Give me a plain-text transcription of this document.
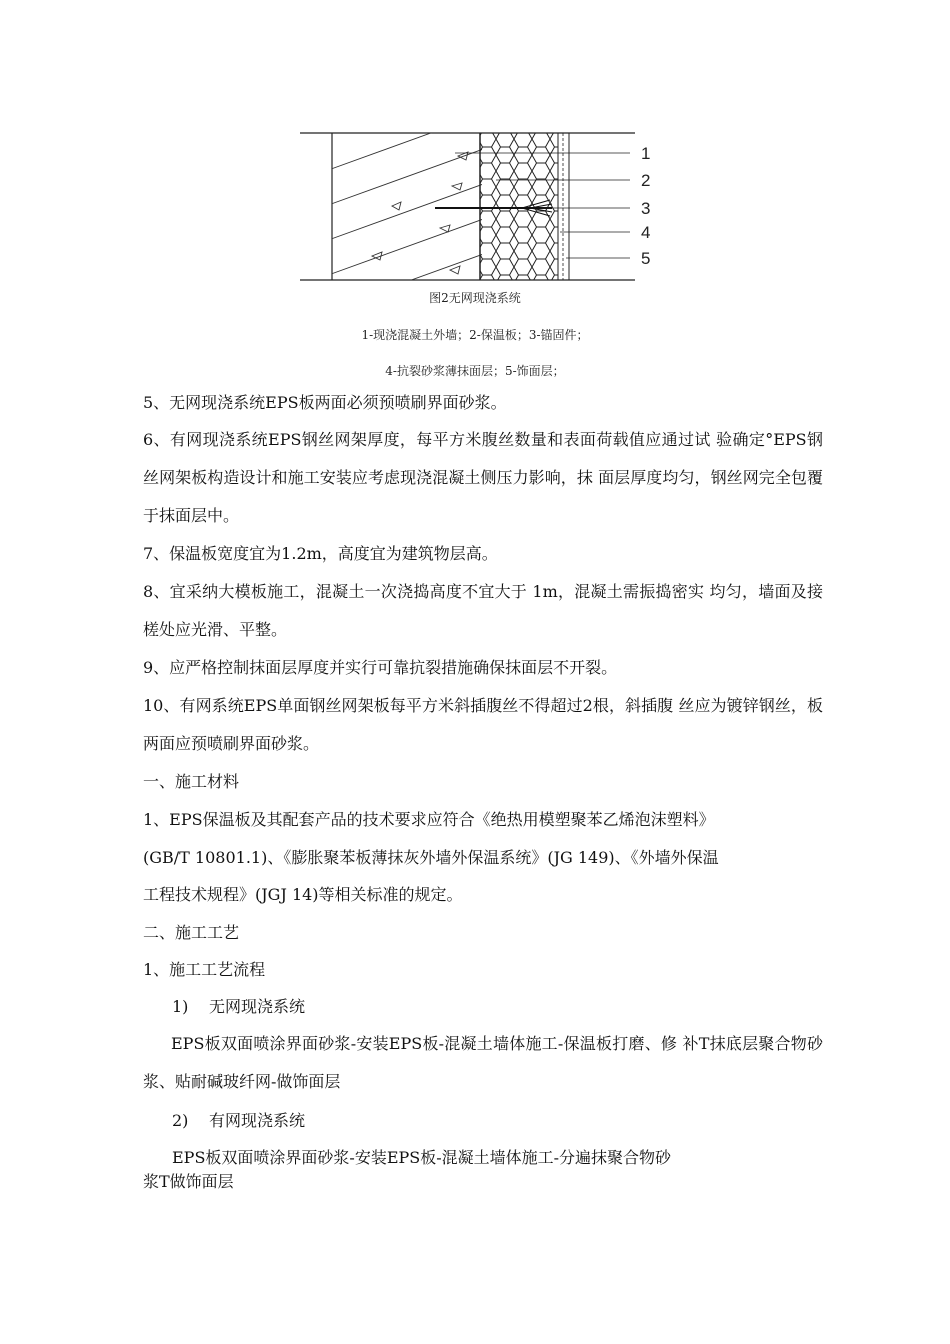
1
2
3
4
5
图2无网现浇系统
1-现浇混凝土外墙；2-保温板；3-锚固件；
4-抗裂砂浆薄抹面层；5-饰面层；
5、无网现浇系统EPS板两面必须预喷刷界面砂浆。
6、有网现浇系统EPS钢丝网架厚度，每平方米腹丝数量和表面荷载值应通过试 验确定°EPS钢丝网架板构造设计和施工安装应考虑现浇混凝土侧压力影响，抹 面层厚度均匀，钢丝网完全包覆于抹面层中。
7、保温板宽度宜为1.2m，高度宜为建筑物层高。
8、宜采纳大模板施工，混凝土一次浇捣高度不宜大于 1m，混凝土需振捣密实 均匀，墙面及接槎处应光滑、平整。
9、应严格控制抹面层厚度并实行可靠抗裂措施确保抹面层不开裂。
10、有网系统EPS单面钢丝网架板每平方米斜插腹丝不得超过2根，斜插腹 丝应为镀锌钢丝，板两面应预喷刷界面砂浆。
一、施工材料
1、EPS保温板及其配套产品的技术要求应符合《绝热用模塑聚苯乙烯泡沫塑料》
(GB/T 10801.1)、《膨胀聚苯板薄抹灰外墙外保温系统》(JG 149)、《外墙外保温
工程技术规程》(JGJ 14)等相关标准的规定。
二、施工工艺
1、施工工艺流程
1) 无网现浇系统
EPS板双面喷涂界面砂浆-安装EPS板-混凝土墙体施工-保温板打磨、修 补T抹底层聚合物砂浆、贴耐碱玻纤网-做饰面层
2) 有网现浇系统
EPS板双面喷涂界面砂浆-安装EPS板-混凝土墙体施工-分遍抹聚合物砂
浆T做饰面层
